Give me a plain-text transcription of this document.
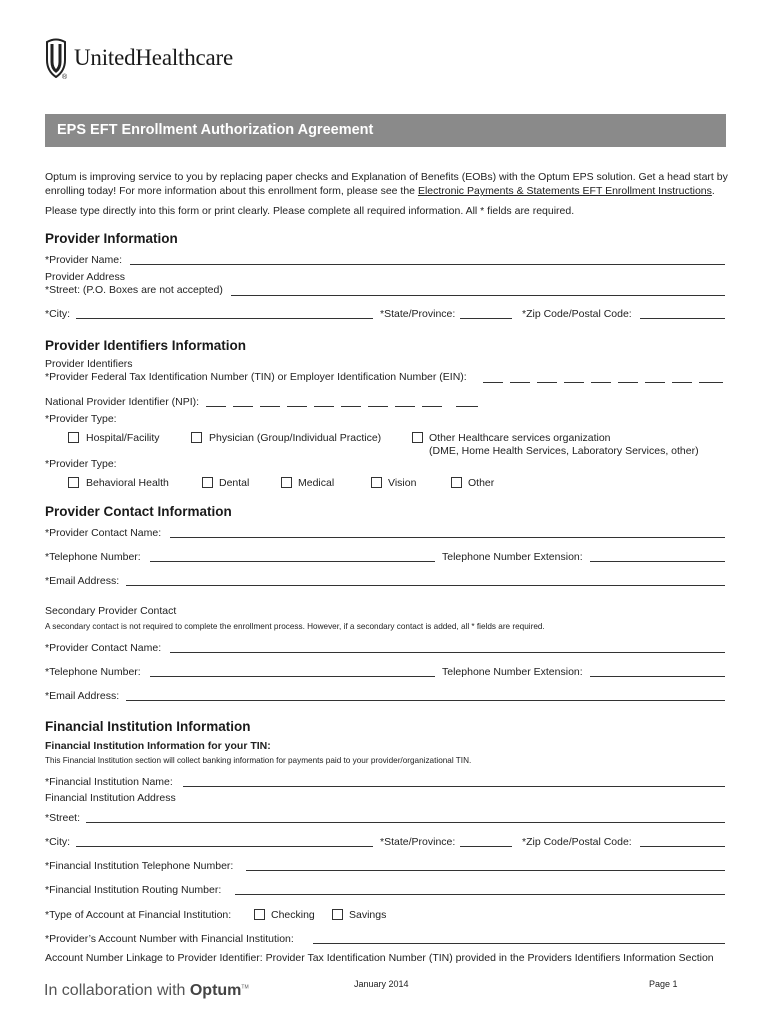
UnitedHealthcare
®
EPS EFT Enrollment Authorization Agreement
Optum is improving service to you by replacing paper checks and Explanation of Benefits (EOBs) with the Optum EPS solution. Get a head start by
enrolling today! For more information about this enrollment form, please see the Electronic Payments & Statements EFT Enrollment Instructions.
Please type directly into this form or print clearly. Please complete all required information. All * fields are required.
Provider Information
*Provider Name:
Provider Address
*Street: (P.O. Boxes are not accepted)
*City:	*State/Province:	*Zip Code/Postal Code:
Provider Identifiers Information
Provider Identifiers
*Provider Federal Tax Identification Number (TIN) or Employer Identification Number (EIN):
National Provider Identifier (NPI):
*Provider Type:
Hospital/Facility	Physician (Group/Individual Practice)	Other Healthcare services organization
(DME, Home Health Services, Laboratory Services, other)
*Provider Type:
Behavioral Health	Dental	Medical	Vision	Other
Provider Contact Information
*Provider Contact Name:
*Telephone Number:	Telephone Number Extension:
*Email Address:
Secondary Provider Contact
A secondary contact is not required to complete the enrollment process. However, if a secondary contact is added, all * fields are required.
*Provider Contact Name:
*Telephone Number:	Telephone Number Extension:
*Email Address:
Financial Institution Information
Financial Institution Information for your TIN:
This Financial Institution section will collect banking information for payments paid to your provider/organizational TIN.
*Financial Institution Name:
Financial Institution Address
*Street:
*City:	*State/Province:	*Zip Code/Postal Code:
*Financial Institution Telephone Number:
*Financial Institution Routing Number:
*Type of Account at Financial Institution:	Checking	Savings
*Provider’s Account Number with Financial Institution:
Account Number Linkage to Provider Identifier: Provider Tax Identification Number (TIN) provided in the Providers Identifiers Information Section
In collaboration with Optum™	January 2014	Page 1
